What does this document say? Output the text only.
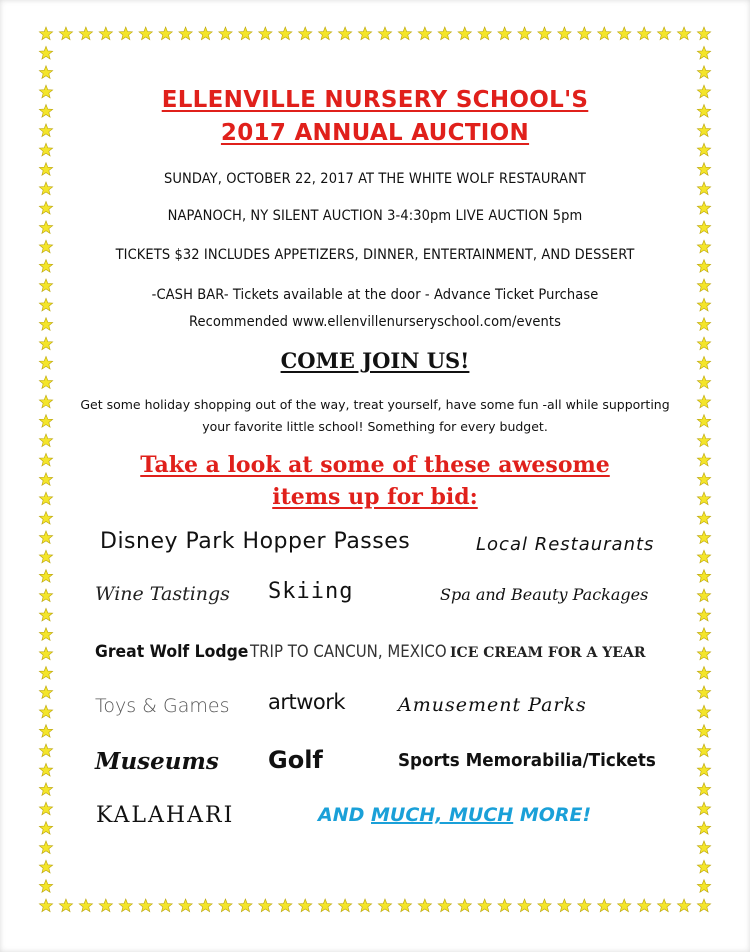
ELLENVILLE NURSERY SCHOOL'S

2017 ANNUAL AUCTION

SUNDAY, OCTOBER 22, 2017 AT THE WHITE WOLF RESTAURANT

NAPANOCH, NY SILENT AUCTION 3-4:30pm LIVE AUCTION 5pm

TICKETS $32 INCLUDES APPETIZERS, DINNER, ENTERTAINMENT, AND DESSERT

-CASH BAR- Tickets available at the door - Advance Ticket Purchase

Recommended www.ellenvillenurseryschool.com/events

COME JOIN US!

Get some holiday shopping out of the way, treat yourself, have some fun -all while supporting

your favorite little school! Something for every budget.

Take a look at some of these awesome

items up for bid:

Disney Park Hopper Passes	Local Restaurants

Wine Tastings Skiing	Spa and Beauty Packages

Great Wolf Lodge TRIP TO CANCUN, MEXICO ICE CREAM FOR A YEAR

Toys & Games artwork	Amusement Parks

Museums Golf	Sports Memorabilia/Tickets

KALAHARI	AND MUCH, MUCH MORE!
